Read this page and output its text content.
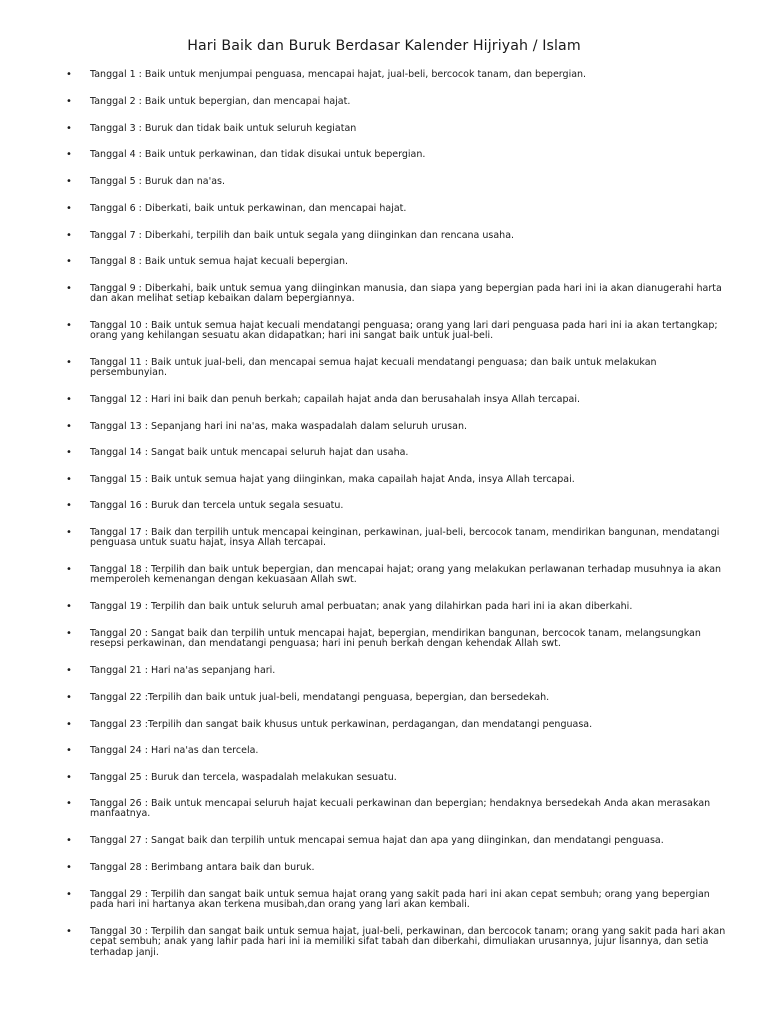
Hari Baik dan Buruk Berdasar Kalender Hijriyah / Islam
• Tanggal 1 : Baik untuk menjumpai penguasa, mencapai hajat, jual-beli, bercocok tanam, dan bepergian.
• Tanggal 2 : Baik untuk bepergian, dan mencapai hajat.
• Tanggal 3 : Buruk dan tidak baik untuk seluruh kegiatan
• Tanggal 4 : Baik untuk perkawinan, dan tidak disukai untuk bepergian.
• Tanggal 5 : Buruk dan na'as.
• Tanggal 6 : Diberkati, baik untuk perkawinan, dan mencapai hajat.
• Tanggal 7 : Diberkahi, terpilih dan baik untuk segala yang diinginkan dan rencana usaha.
• Tanggal 8 : Baik untuk semua hajat kecuali bepergian.
• Tanggal 9 : Diberkahi, baik untuk semua yang diinginkan manusia, dan siapa yang bepergian pada hari ini ia akan dianugerahi harta dan akan melihat setiap kebaikan dalam bepergiannya.
• Tanggal 10 : Baik untuk semua hajat kecuali mendatangi penguasa; orang yang lari dari penguasa pada hari ini ia akan tertangkap; orang yang kehilangan sesuatu akan didapatkan; hari ini sangat baik untuk jual-beli.
• Tanggal 11 : Baik untuk jual-beli, dan mencapai semua hajat kecuali mendatangi penguasa; dan baik untuk melakukan persembunyian.
• Tanggal 12 : Hari ini baik dan penuh berkah; capailah hajat anda dan berusahalah insya Allah tercapai.
• Tanggal 13 : Sepanjang hari ini na'as, maka waspadalah dalam seluruh urusan.
• Tanggal 14 : Sangat baik untuk mencapai seluruh hajat dan usaha.
• Tanggal 15 : Baik untuk semua hajat yang diinginkan, maka capailah hajat Anda, insya Allah tercapai.
• Tanggal 16 : Buruk dan tercela untuk segala sesuatu.
• Tanggal 17 : Baik dan terpilih untuk mencapai keinginan, perkawinan, jual-beli, bercocok tanam, mendirikan bangunan, mendatangi penguasa untuk suatu hajat, insya Allah tercapai.
• Tanggal 18 : Terpilih dan baik untuk bepergian, dan mencapai hajat; orang yang melakukan perlawanan terhadap musuhnya ia akan memperoleh kemenangan dengan kekuasaan Allah swt.
• Tanggal 19 : Terpilih dan baik untuk seluruh amal perbuatan; anak yang dilahirkan pada hari ini ia akan diberkahi.
• Tanggal 20 : Sangat baik dan terpilih untuk mencapai hajat, bepergian, mendirikan bangunan, bercocok tanam, melangsungkan resepsi perkawinan, dan mendatangi penguasa; hari ini penuh berkah dengan kehendak Allah swt.
• Tanggal 21 : Hari na'as sepanjang hari.
• Tanggal 22 :Terpilih dan baik untuk jual-beli, mendatangi penguasa, bepergian, dan bersedekah.
• Tanggal 23 :Terpilih dan sangat baik khusus untuk perkawinan, perdagangan, dan mendatangi penguasa.
• Tanggal 24 : Hari na'as dan tercela.
• Tanggal 25 : Buruk dan tercela, waspadalah melakukan sesuatu.
• Tanggal 26 : Baik untuk mencapai seluruh hajat kecuali perkawinan dan bepergian; hendaknya bersedekah Anda akan merasakan manfaatnya.
• Tanggal 27 : Sangat baik dan terpilih untuk mencapai semua hajat dan apa yang diinginkan, dan mendatangi penguasa.
• Tanggal 28 : Berimbang antara baik dan buruk.
• Tanggal 29 : Terpilih dan sangat baik untuk semua hajat orang yang sakit pada hari ini akan cepat sembuh; orang yang bepergian pada hari ini hartanya akan terkena musibah,dan orang yang lari akan kembali.
• Tanggal 30 : Terpilih dan sangat baik untuk semua hajat, jual-beli, perkawinan, dan bercocok tanam; orang yang sakit pada hari akan cepat sembuh; anak yang lahir pada hari ini ia memiliki sifat tabah dan diberkahi, dimuliakan urusannya, jujur lisannya, dan setia terhadap janji.
